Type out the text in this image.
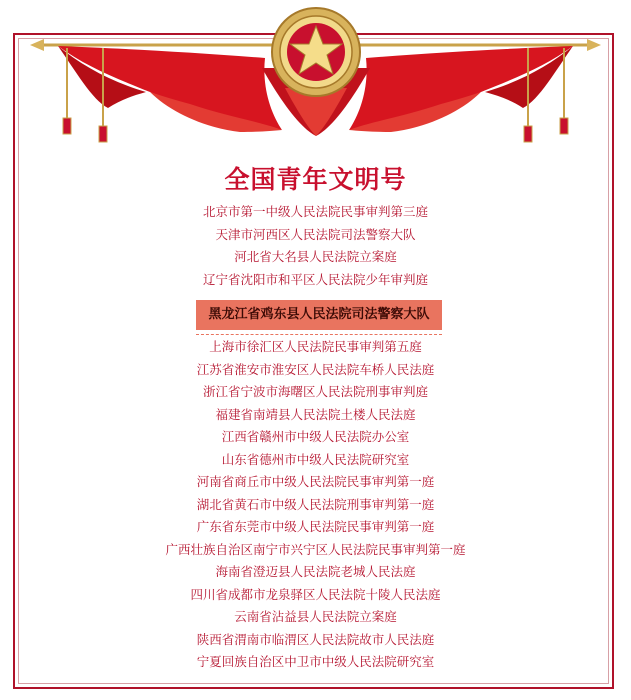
全国青年文明号
北京市第一中级人民法院民事审判第三庭
天津市河西区人民法院司法警察大队
河北省大名县人民法院立案庭
辽宁省沈阳市和平区人民法院少年审判庭
黑龙江省鸡东县人民法院司法警察大队
上海市徐汇区人民法院民事审判第五庭
江苏省淮安市淮安区人民法院车桥人民法庭
浙江省宁波市海曙区人民法院刑事审判庭
福建省南靖县人民法院土楼人民法庭
江西省赣州市中级人民法院办公室
山东省德州市中级人民法院研究室
河南省商丘市中级人民法院民事审判第一庭
湖北省黄石市中级人民法院刑事审判第一庭
广东省东莞市中级人民法院民事审判第一庭
广西壮族自治区南宁市兴宁区人民法院民事审判第一庭
海南省澄迈县人民法院老城人民法庭
四川省成都市龙泉驿区人民法院十陵人民法庭
云南省沾益县人民法院立案庭
陕西省渭南市临渭区人民法院故市人民法庭
宁夏回族自治区中卫市中级人民法院研究室
